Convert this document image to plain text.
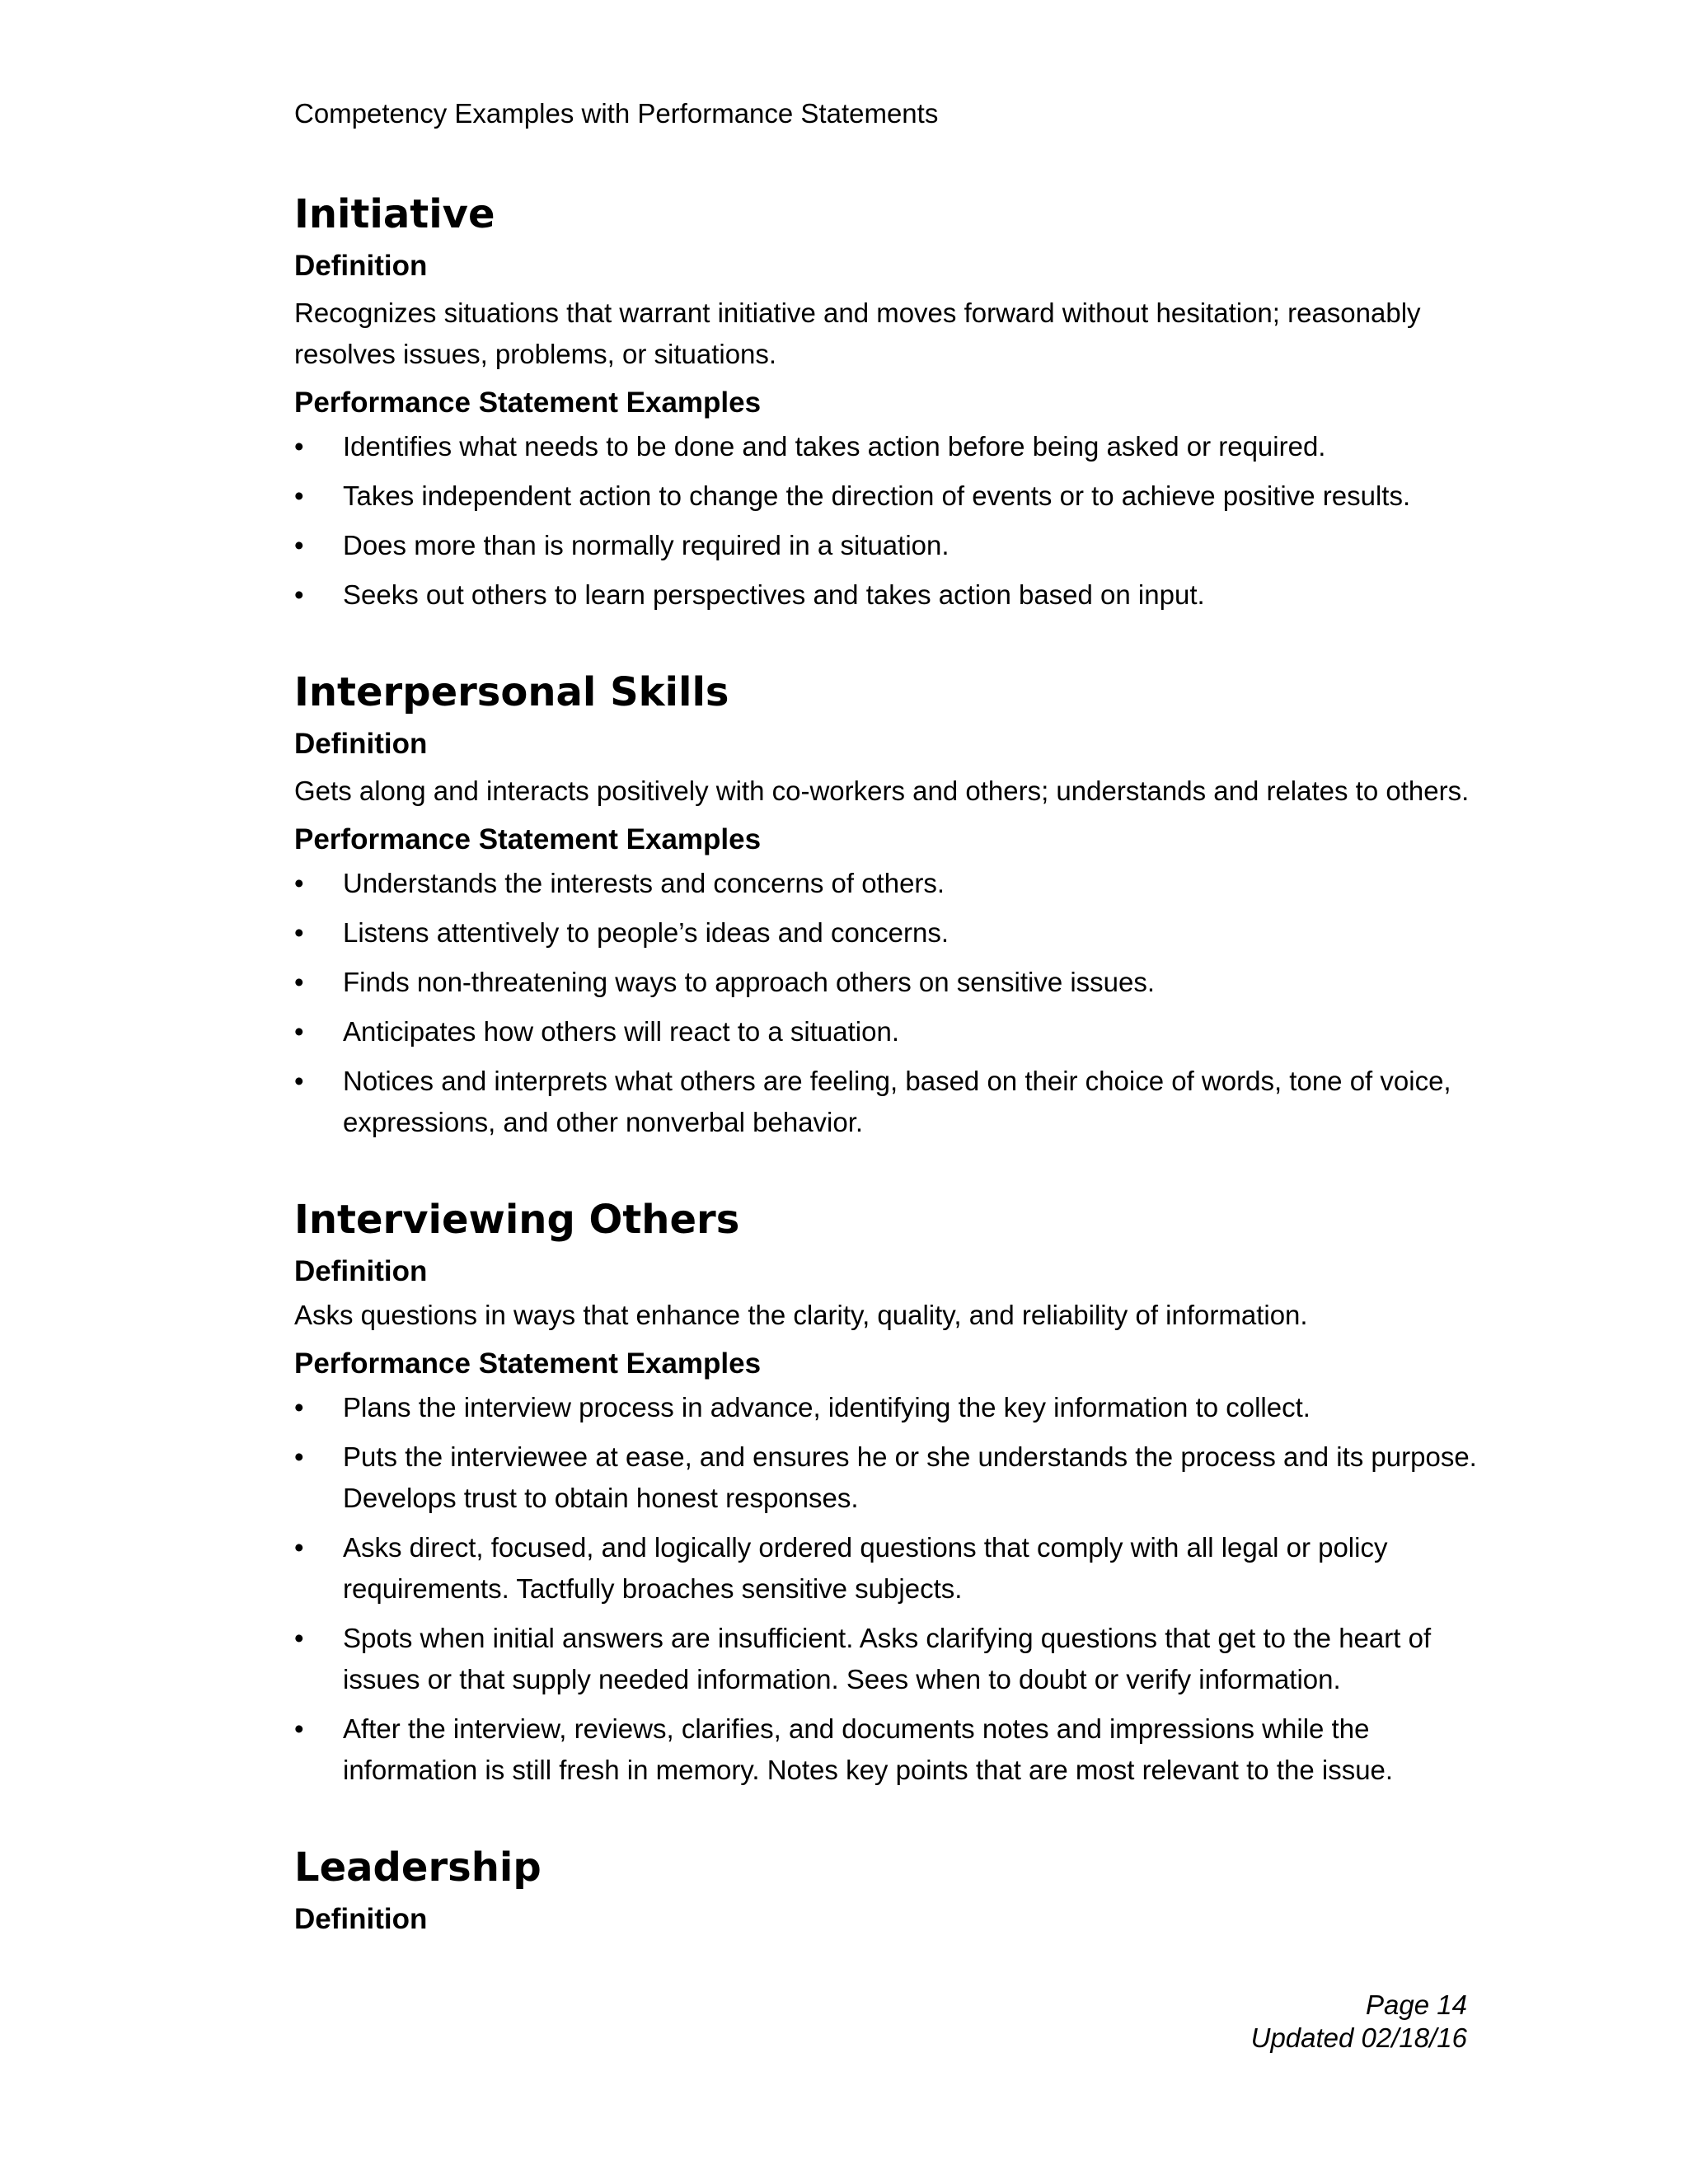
Competency Examples with Performance Statements
Initiative
Definition

Recognizes situations that warrant initiative and moves forward without hesitation; reasonably resolves issues, problems, or situations.

Performance Statement Examples
•	Identifies what needs to be done and takes action before being asked or required.
•	Takes independent action to change the direction of events or to achieve positive results.
•	Does more than is normally required in a situation.
•	Seeks out others to learn perspectives and takes action based on input.
Interpersonal Skills
Definition

Gets along and interacts positively with co-workers and others; understands and relates to others.

Performance Statement Examples
•	Understands the interests and concerns of others.
•	Listens attentively to people’s ideas and concerns.
•	Finds non-threatening ways to approach others on sensitive issues.
•	Anticipates how others will react to a situation.
•	Notices and interprets what others are feeling, based on their choice of words, tone of voice, expressions, and other nonverbal behavior.
Interviewing Others
Definition

Asks questions in ways that enhance the clarity, quality, and reliability of information.

Performance Statement Examples
•	Plans the interview process in advance, identifying the key information to collect.
•	Puts the interviewee at ease, and ensures he or she understands the process and its purpose. Develops trust to obtain honest responses.
•	Asks direct, focused, and logically ordered questions that comply with all legal or policy requirements. Tactfully broaches sensitive subjects.
•	Spots when initial answers are insufficient. Asks clarifying questions that get to the heart of issues or that supply needed information. Sees when to doubt or verify information.
•	After the interview, reviews, clarifies, and documents notes and impressions while the information is still fresh in memory. Notes key points that are most relevant to the issue.
Leadership
Definition
Page 14
Updated 02/18/16
